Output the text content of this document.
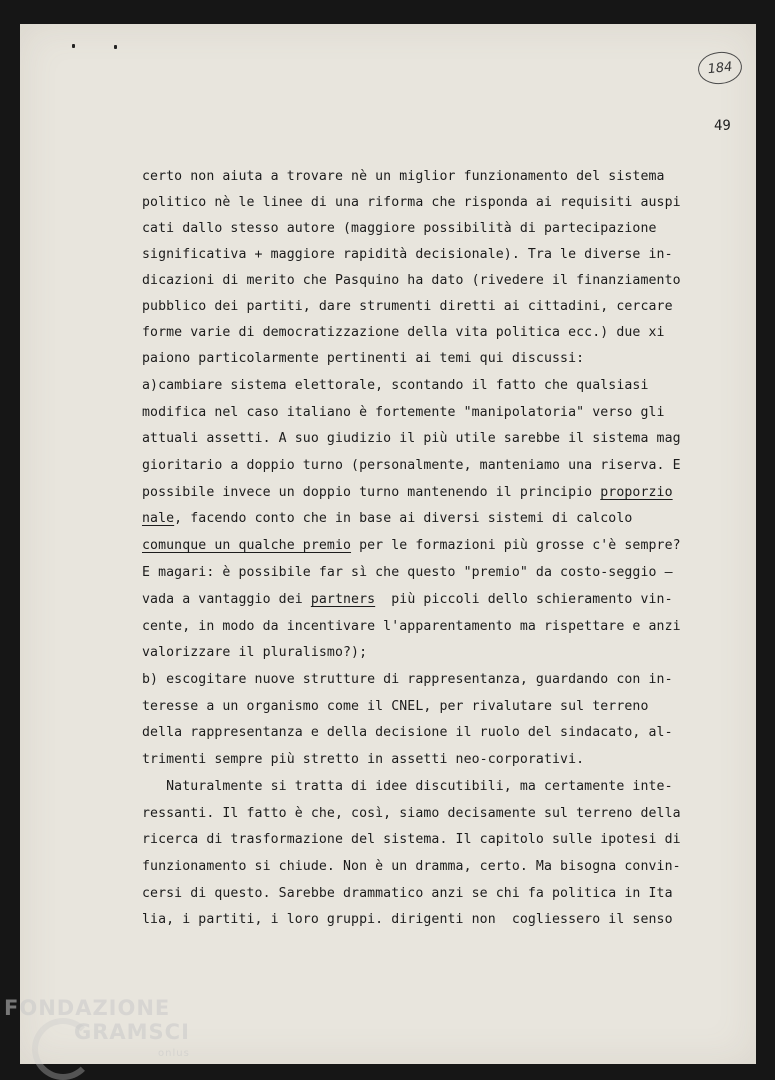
184
49
certo non aiuta a trovare nè un miglior funzionamento del sistema
politico nè le linee di una riforma che risponda ai requisiti auspi
cati dallo stesso autore (maggiore possibilità di partecipazione
significativa + maggiore rapidità decisionale). Tra le diverse in-
dicazioni di merito che Pasquino ha dato (rivedere il finanziamento
pubblico dei partiti, dare strumenti diretti ai cittadini, cercare
forme varie di democratizzazione della vita politica ecc.) due xi
paiono particolarmente pertinenti ai temi qui discussi:
a)cambiare sistema elettorale, scontando il fatto che qualsiasi
modifica nel caso italiano è fortemente "manipolatoria" verso gli
attuali assetti. A suo giudizio il più utile sarebbe il sistema mag
gioritario a doppio turno (personalmente, manteniamo una riserva. E
possibile invece un doppio turno mantenendo il principio proporzio
nale, facendo conto che in base ai diversi sistemi di calcolo
comunque un qualche premio per le formazioni più grosse c'è sempre?
E magari: è possibile far sì che questo "premio" da costo-seggio —
vada a vantaggio dei partners  più piccoli dello schieramento vin-
cente, in modo da incentivare l'apparentamento ma rispettare e anzi
valorizzare il pluralismo?);
b) escogitare nuove strutture di rappresentanza, guardando con in-
teresse a un organismo come il CNEL, per rivalutare sul terreno
della rappresentanza e della decisione il ruolo del sindacato, al-
trimenti sempre più stretto in assetti neo-corporativi.
Naturalmente si tratta di idee discutibili, ma certamente inte-
ressanti. Il fatto è che, così, siamo decisamente sul terreno della
ricerca di trasformazione del sistema. Il capitolo sulle ipotesi di
funzionamento si chiude. Non è un dramma, certo. Ma bisogna convin-
cersi di questo. Sarebbe drammatico anzi se chi fa politica in Ita
lia, i partiti, i loro gruppi. dirigenti non  cogliessero il senso
FONDAZIONE
GRAMSCI
onlus
